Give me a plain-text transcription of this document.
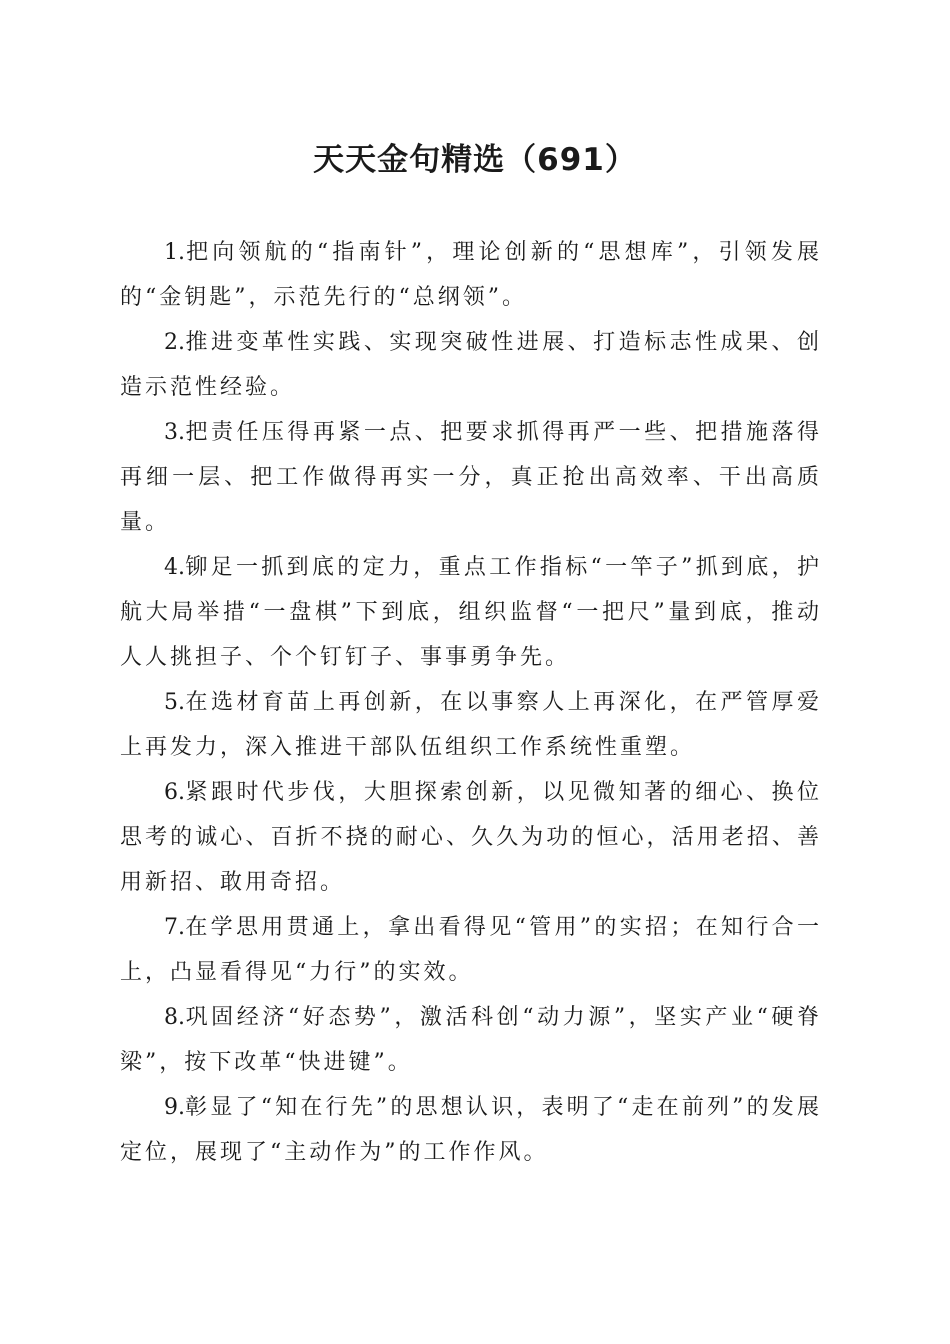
天天金句精选（691）

1.把向领航的“指南针”，理论创新的“思想库”，引领发展的“金钥匙”，示范先行的“总纲领”。

2.推进变革性实践、实现突破性进展、打造标志性成果、创造示范性经验。

3.把责任压得再紧一点、把要求抓得再严一些、把措施落得再细一层、把工作做得再实一分，真正抢出高效率、干出高质量。

4.铆足一抓到底的定力，重点工作指标“一竿子”抓到底，护航大局举措“一盘棋”下到底，组织监督“一把尺”量到底，推动人人挑担子、个个钉钉子、事事勇争先。

5.在选材育苗上再创新，在以事察人上再深化，在严管厚爱上再发力，深入推进干部队伍组织工作系统性重塑。

6.紧跟时代步伐，大胆探索创新，以见微知著的细心、换位思考的诚心、百折不挠的耐心、久久为功的恒心，活用老招、善用新招、敢用奇招。

7.在学思用贯通上，拿出看得见“管用”的实招；在知行合一上，凸显看得见“力行”的实效。

8.巩固经济“好态势”，激活科创“动力源”，坚实产业“硬脊梁”，按下改革“快进键”。

9.彰显了“知在行先”的思想认识，表明了“走在前列”的发展定位，展现了“主动作为”的工作作风。
